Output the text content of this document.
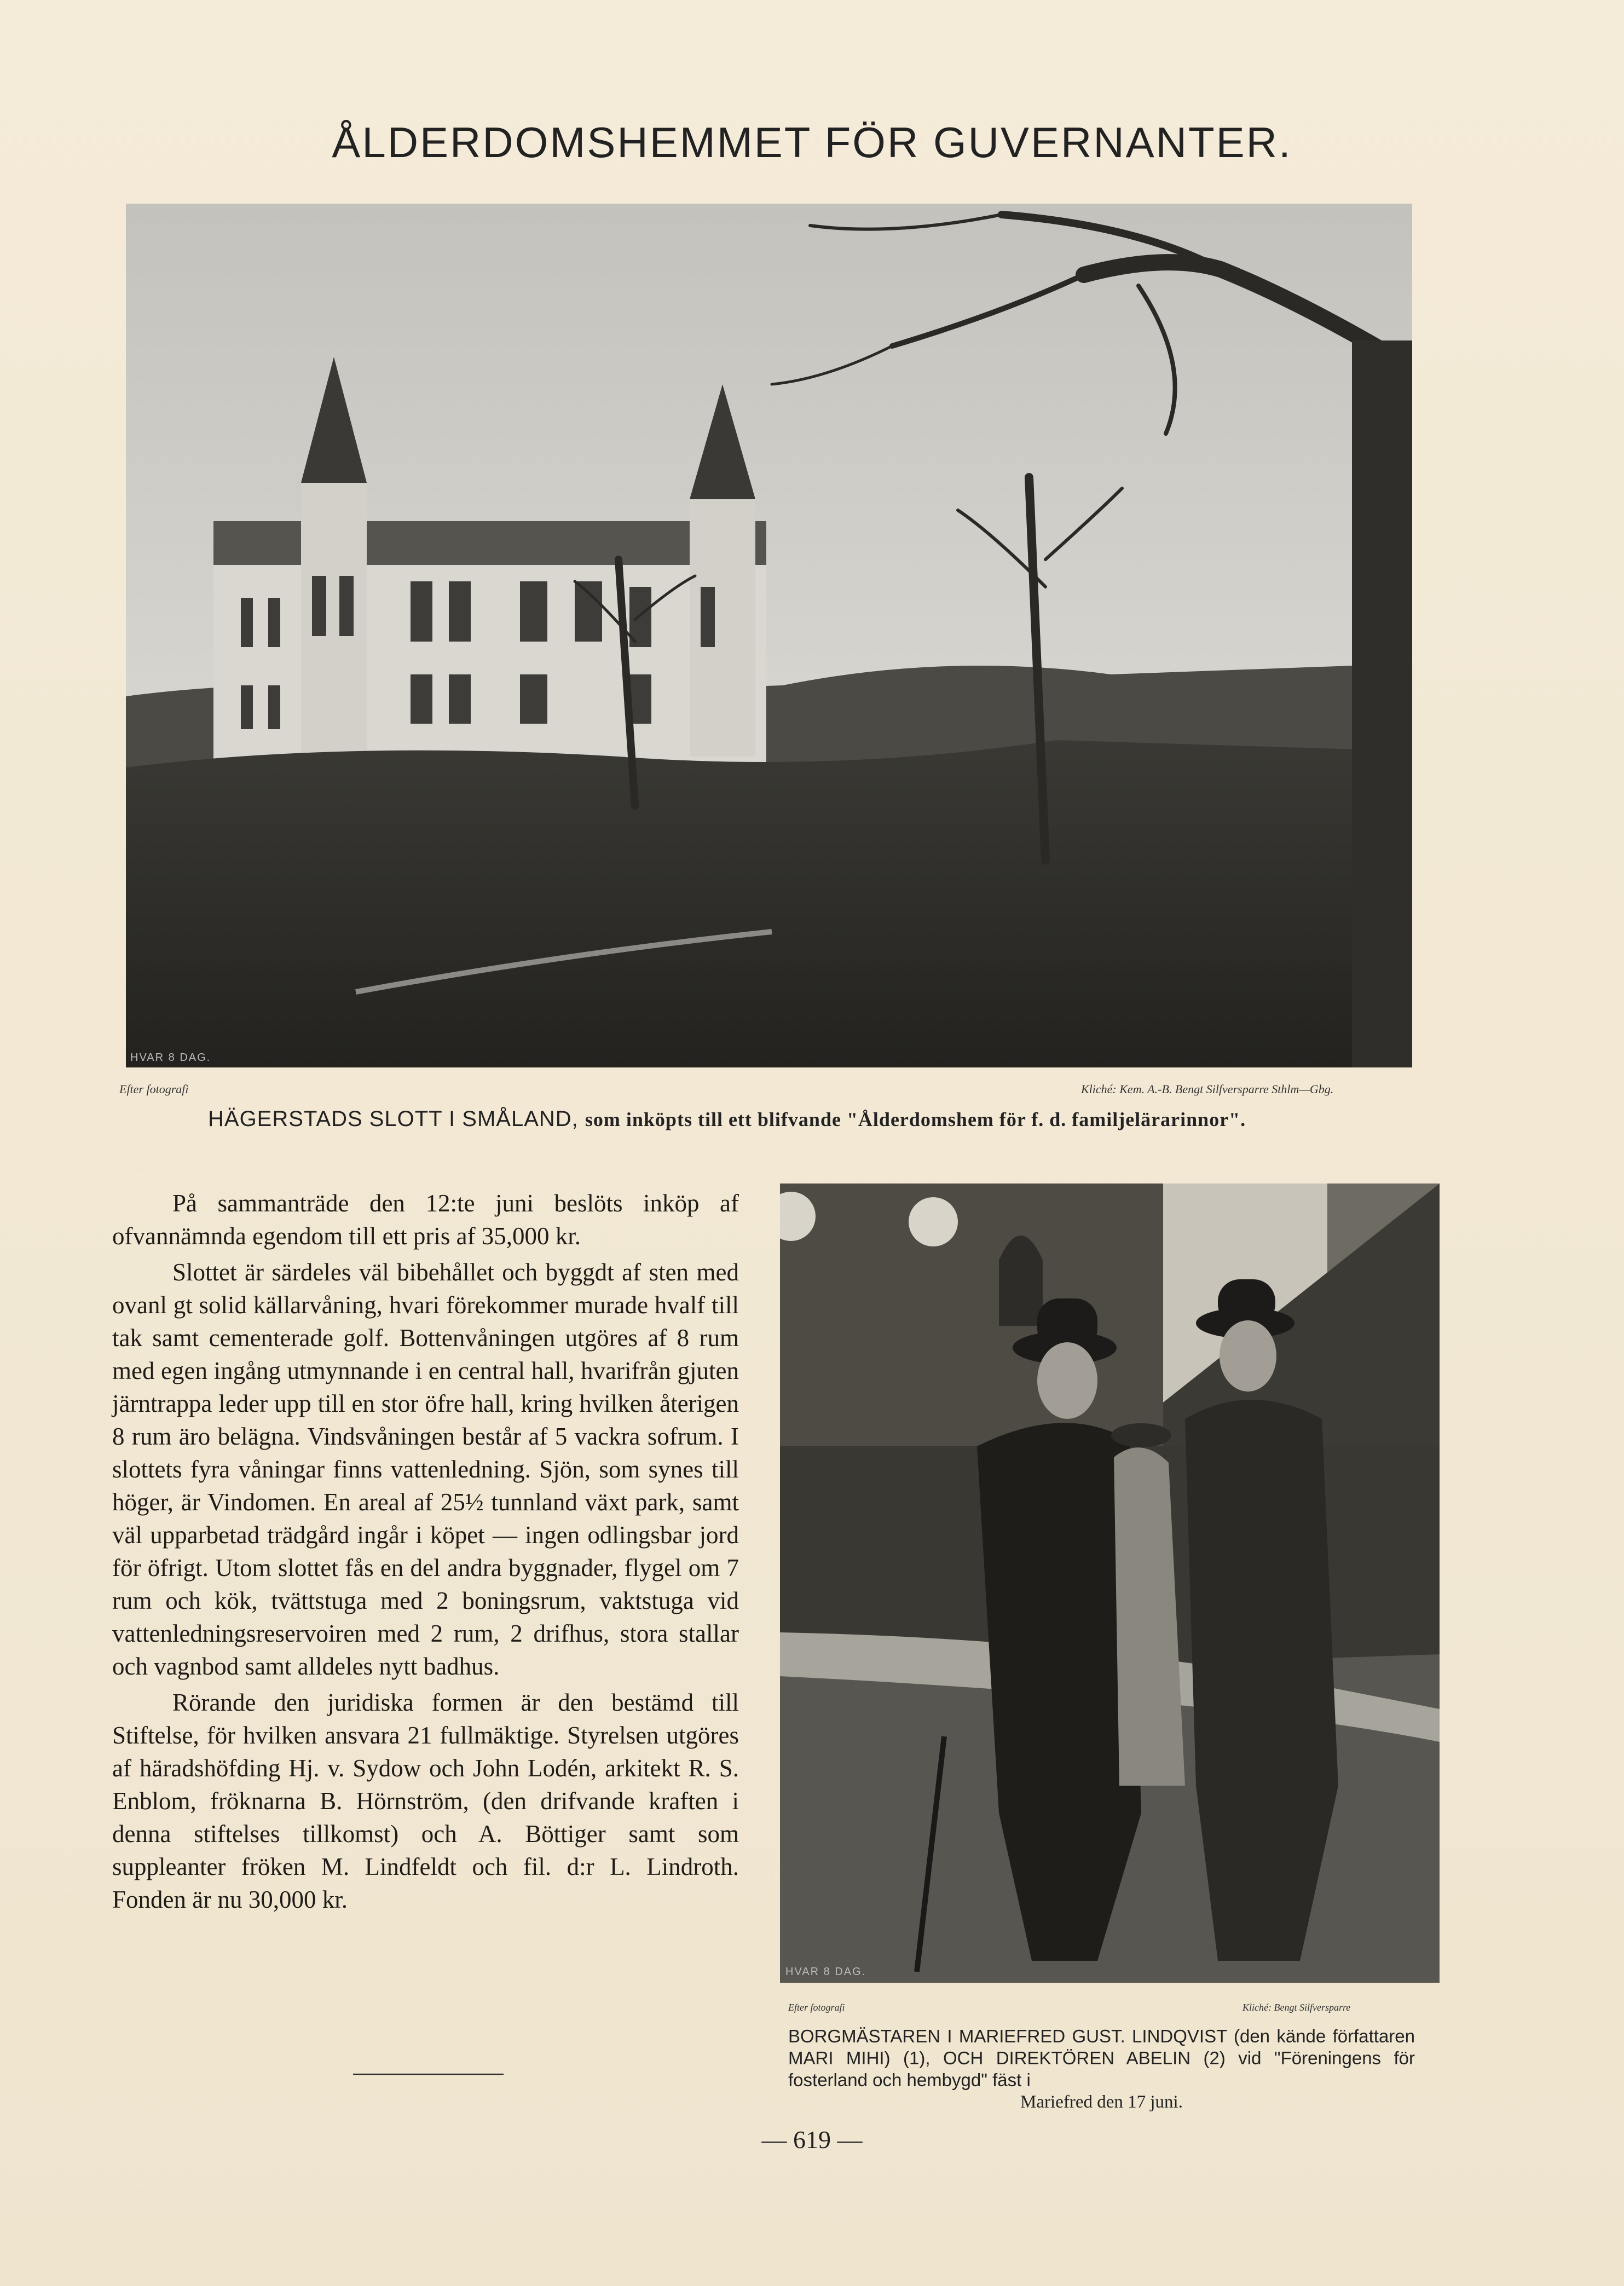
ÅLDERDOMSHEMMET FÖR GUVERNANTER.
HVAR 8 DAG.
Efter fotografi	Kliché: Kem. A.-B. Bengt Silfversparre Sthlm—Gbg.
HÄGERSTADS SLOTT I SMÅLAND, som inköpts till ett blifvande "Ålderdomshem för f. d. familjelärarinnor".

På sammanträde den 12:te juni beslöts inköp af ofvannämnda egendom till ett pris af 35,000 kr.

Slottet är särdeles väl bibehållet och byggdt af sten med ovanl gt solid källarvåning, hvari förekommer murade hvalf till tak samt cementerade golf. Bottenvåningen utgöres af 8 rum med egen ingång utmynnande i en central hall, hvarifrån gjuten järntrappa leder upp till en stor öfre hall, kring hvilken återigen 8 rum äro belägna. Vindsvåningen består af 5 vackra sofrum. I slottets fyra våningar finns vattenledning. Sjön, som synes till höger, är Vindomen. En areal af 25½ tunnland växt park, samt väl upparbetad trädgård ingår i köpet — ingen odlingsbar jord för öfrigt. Utom slottet fås en del andra byggnader, flygel om 7 rum och kök, tvättstuga med 2 boningsrum, vaktstuga vid vattenledningsreservoiren med 2 rum, 2 drifhus, stora stallar och vagnbod samt alldeles nytt badhus.

Rörande den juridiska formen är den bestämd till Stiftelse, för hvilken ansvara 21 fullmäktige. Styrelsen utgöres af häradshöfding Hj. v. Sydow och John Lodén, arkitekt R. S. Enblom, fröknarna B. Hörnström, (den drifvande kraften i denna stiftelses tillkomst) och A. Böttiger samt som suppleanter fröken M. Lindfeldt och fil. d:r L. Lindroth. Fonden är nu 30,000 kr.

HVAR 8 DAG.
Efter fotografi	Kliché: Bengt Silfversparre
BORGMÄSTAREN I MARIEFRED GUST. LINDQVIST (den kände författaren MARI MIHI) (1), OCH DIREKTÖREN ABELIN (2) vid "Föreningens för fosterland och hembygd" fäst i
Mariefred den 17 juni.
— 619 —
